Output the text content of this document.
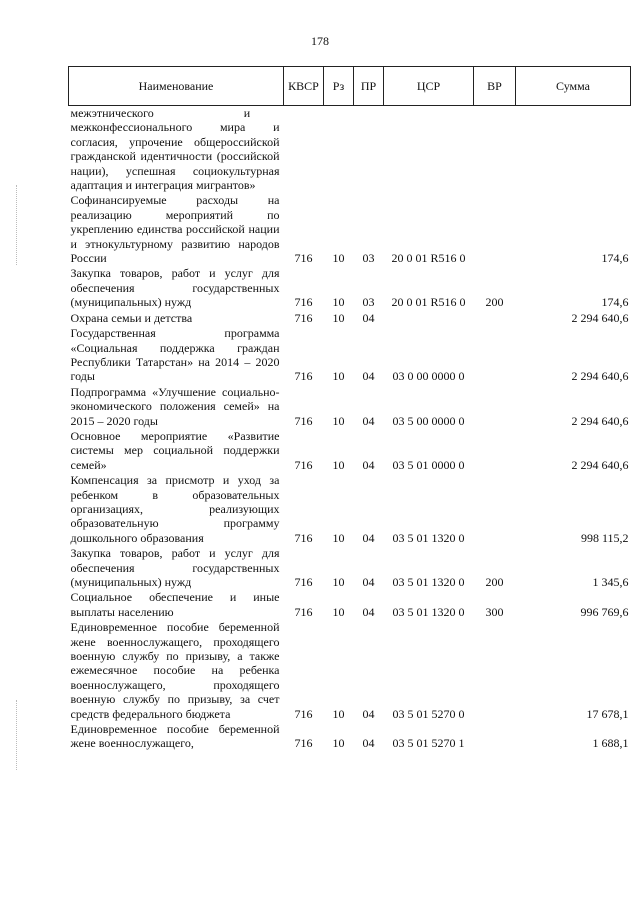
178
Наименование	КВСР	Рз	ПР	ЦСР	ВР	Сумма
межэтнического                              и
межконфессионального мира и согласия, упрочение общероссийской гражданской идентичности (российской нации), успешная социокультурная адаптация и интеграция мигрантов»						
Софинансируемые расходы на реализацию мероприятий по укреплению единства российской нации и этнокультурному развитию народов России	716	10	03	20 0 01 R516 0		174,6
Закупка товаров, работ и услуг для обеспечения государственных (муниципальных) нужд	716	10	03	20 0 01 R516 0	200	174,6
Охрана семьи и детства	716	10	04			2 294 640,6
Государственная программа «Социальная поддержка граждан Республики Татарстан» на 2014 – 2020 годы	716	10	04	03 0 00 0000 0		2 294 640,6
Подпрограмма «Улучшение социально-экономического положения семей» на 2015 – 2020 годы	716	10	04	03 5 00 0000 0		2 294 640,6
Основное мероприятие «Развитие системы мер социальной поддержки семей»	716	10	04	03 5 01 0000 0		2 294 640,6
Компенсация за присмотр и уход за ребенком в образовательных организациях, реализующих образовательную программу дошкольного образования	716	10	04	03 5 01 1320 0		998 115,2
Закупка товаров, работ и услуг для обеспечения государственных (муниципальных) нужд	716	10	04	03 5 01 1320 0	200	1 345,6
Социальное обеспечение и иные выплаты населению	716	10	04	03 5 01 1320 0	300	996 769,6
Единовременное пособие беременной жене военнослужащего, проходящего военную службу по призыву, а также ежемесячное пособие на ребенка военнослужащего, проходящего военную службу по призыву, за счет средств федерального бюджета	716	10	04	03 5 01 5270 0		17 678,1
Единовременное пособие беременной жене военнослужащего,	716	10	04	03 5 01 5270 1		1 688,1
